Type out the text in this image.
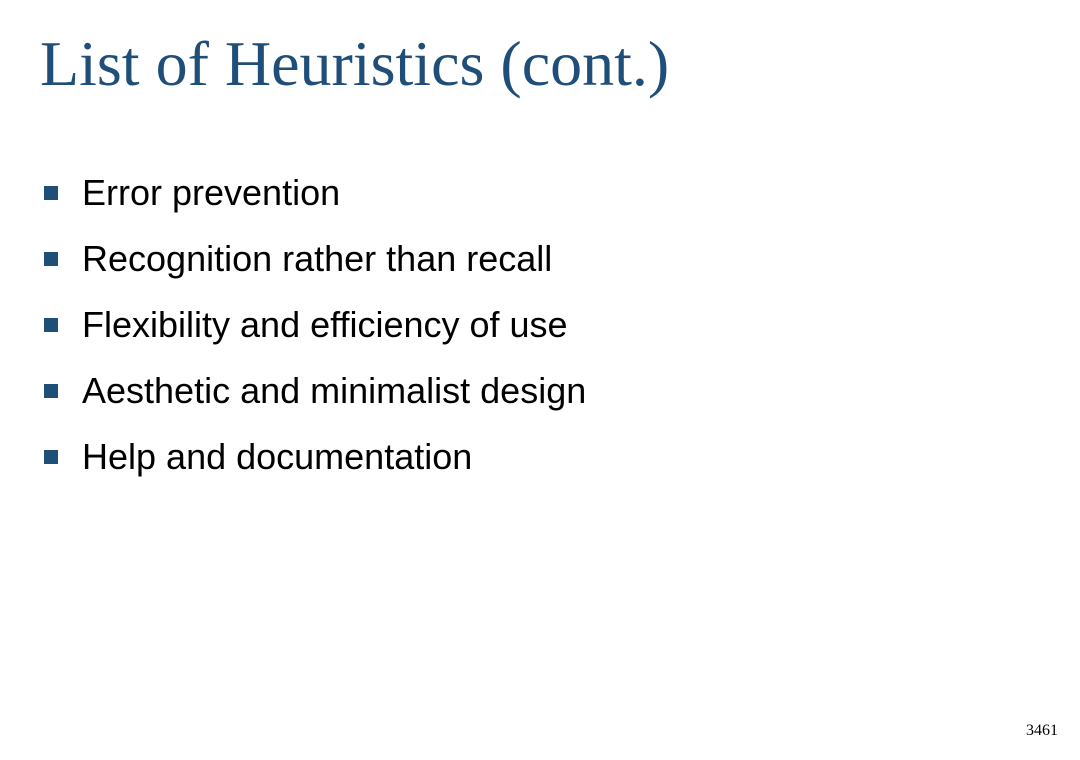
List of Heuristics (cont.)
Error prevention
Recognition rather than recall
Flexibility and efficiency of use
Aesthetic and minimalist design
Help and documentation
3461
